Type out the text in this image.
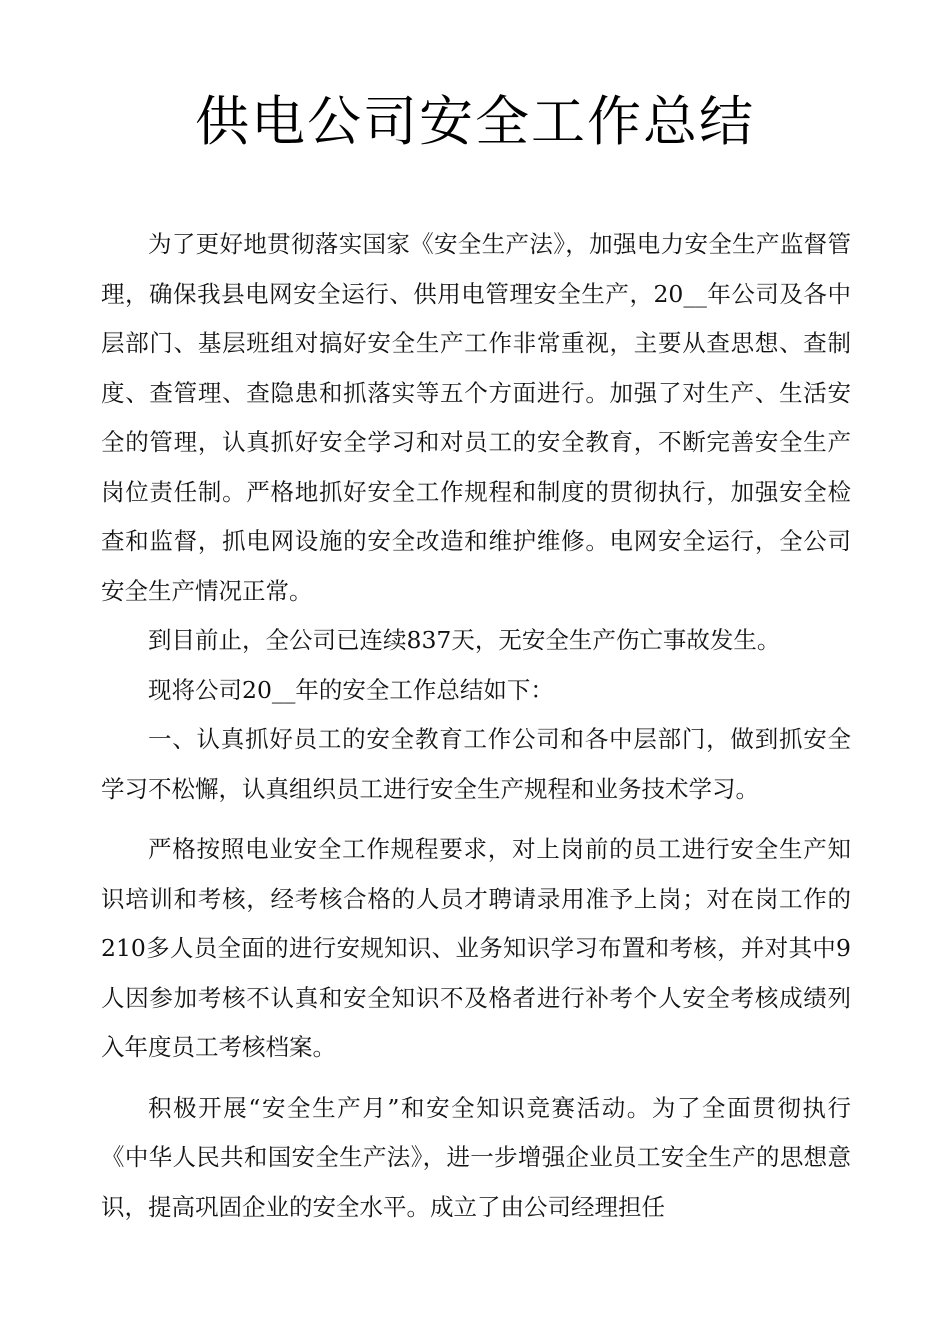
供电公司安全工作总结

为了更好地贯彻落实国家《安全生产法》，加强电力安全生产监督管理，确保我县电网安全运行、供用电管理安全生产，20__年公司及各中层部门、基层班组对搞好安全生产工作非常重视，主要从查思想、查制度、查管理、查隐患和抓落实等五个方面进行。加强了对生产、生活安全的管理，认真抓好安全学习和对员工的安全教育，不断完善安全生产岗位责任制。严格地抓好安全工作规程和制度的贯彻执行，加强安全检查和监督，抓电网设施的安全改造和维护维修。电网安全运行，全公司安全生产情况正常。

到目前止，全公司已连续837天，无安全生产伤亡事故发生。

现将公司20__年的安全工作总结如下：

一、认真抓好员工的安全教育工作公司和各中层部门，做到抓安全学习不松懈，认真组织员工进行安全生产规程和业务技术学习。

严格按照电业安全工作规程要求，对上岗前的员工进行安全生产知识培训和考核，经考核合格的人员才聘请录用准予上岗；对在岗工作的210多人员全面的进行安规知识、业务知识学习布置和考核，并对其中9人因参加考核不认真和安全知识不及格者进行补考个人安全考核成绩列入年度员工考核档案。

积极开展“安全生产月”和安全知识竞赛活动。为了全面贯彻执行《中华人民共和国安全生产法》，进一步增强企业员工安全生产的思想意识，提高巩固企业的安全水平。成立了由公司经理担任
